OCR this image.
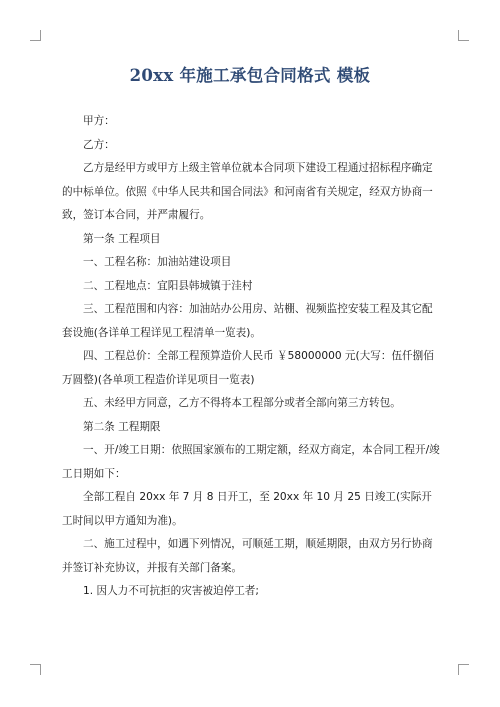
20xx 年施工承包合同格式 模板

甲方：

乙方：

乙方是经甲方或甲方上级主管单位就本合同项下建设工程通过招标程序确定的中标单位。依照《中华人民共和国合同法》和河南省有关规定，经双方协商一致，签订本合同，并严肃履行。

第一条 工程项目

一、工程名称：加油站建设项目

二、工程地点：宜阳县韩城镇于洼村

三、工程范围和内容：加油站办公用房、站棚、视频监控安装工程及其它配套设施(各详单工程详见工程清单一览表)。

四、工程总价：全部工程预算造价人民币 ￥58000000 元(大写：伍仟捌佰万圆整)(各单项工程造价详见项目一览表)

五、未经甲方同意，乙方不得将本工程部分或者全部向第三方转包。

第二条 工程期限

一、开/竣工日期：依照国家颁布的工期定额，经双方商定，本合同工程开/竣工日期如下：

全部工程自 20xx 年 7 月 8 日开工，至 20xx 年 10 月 25 日竣工(实际开工时间以甲方通知为准)。

二、施工过程中，如遇下列情况，可顺延工期，顺延期限，由双方另行协商并签订补充协议，并报有关部门备案。

1. 因人力不可抗拒的灾害被迫停工者;
